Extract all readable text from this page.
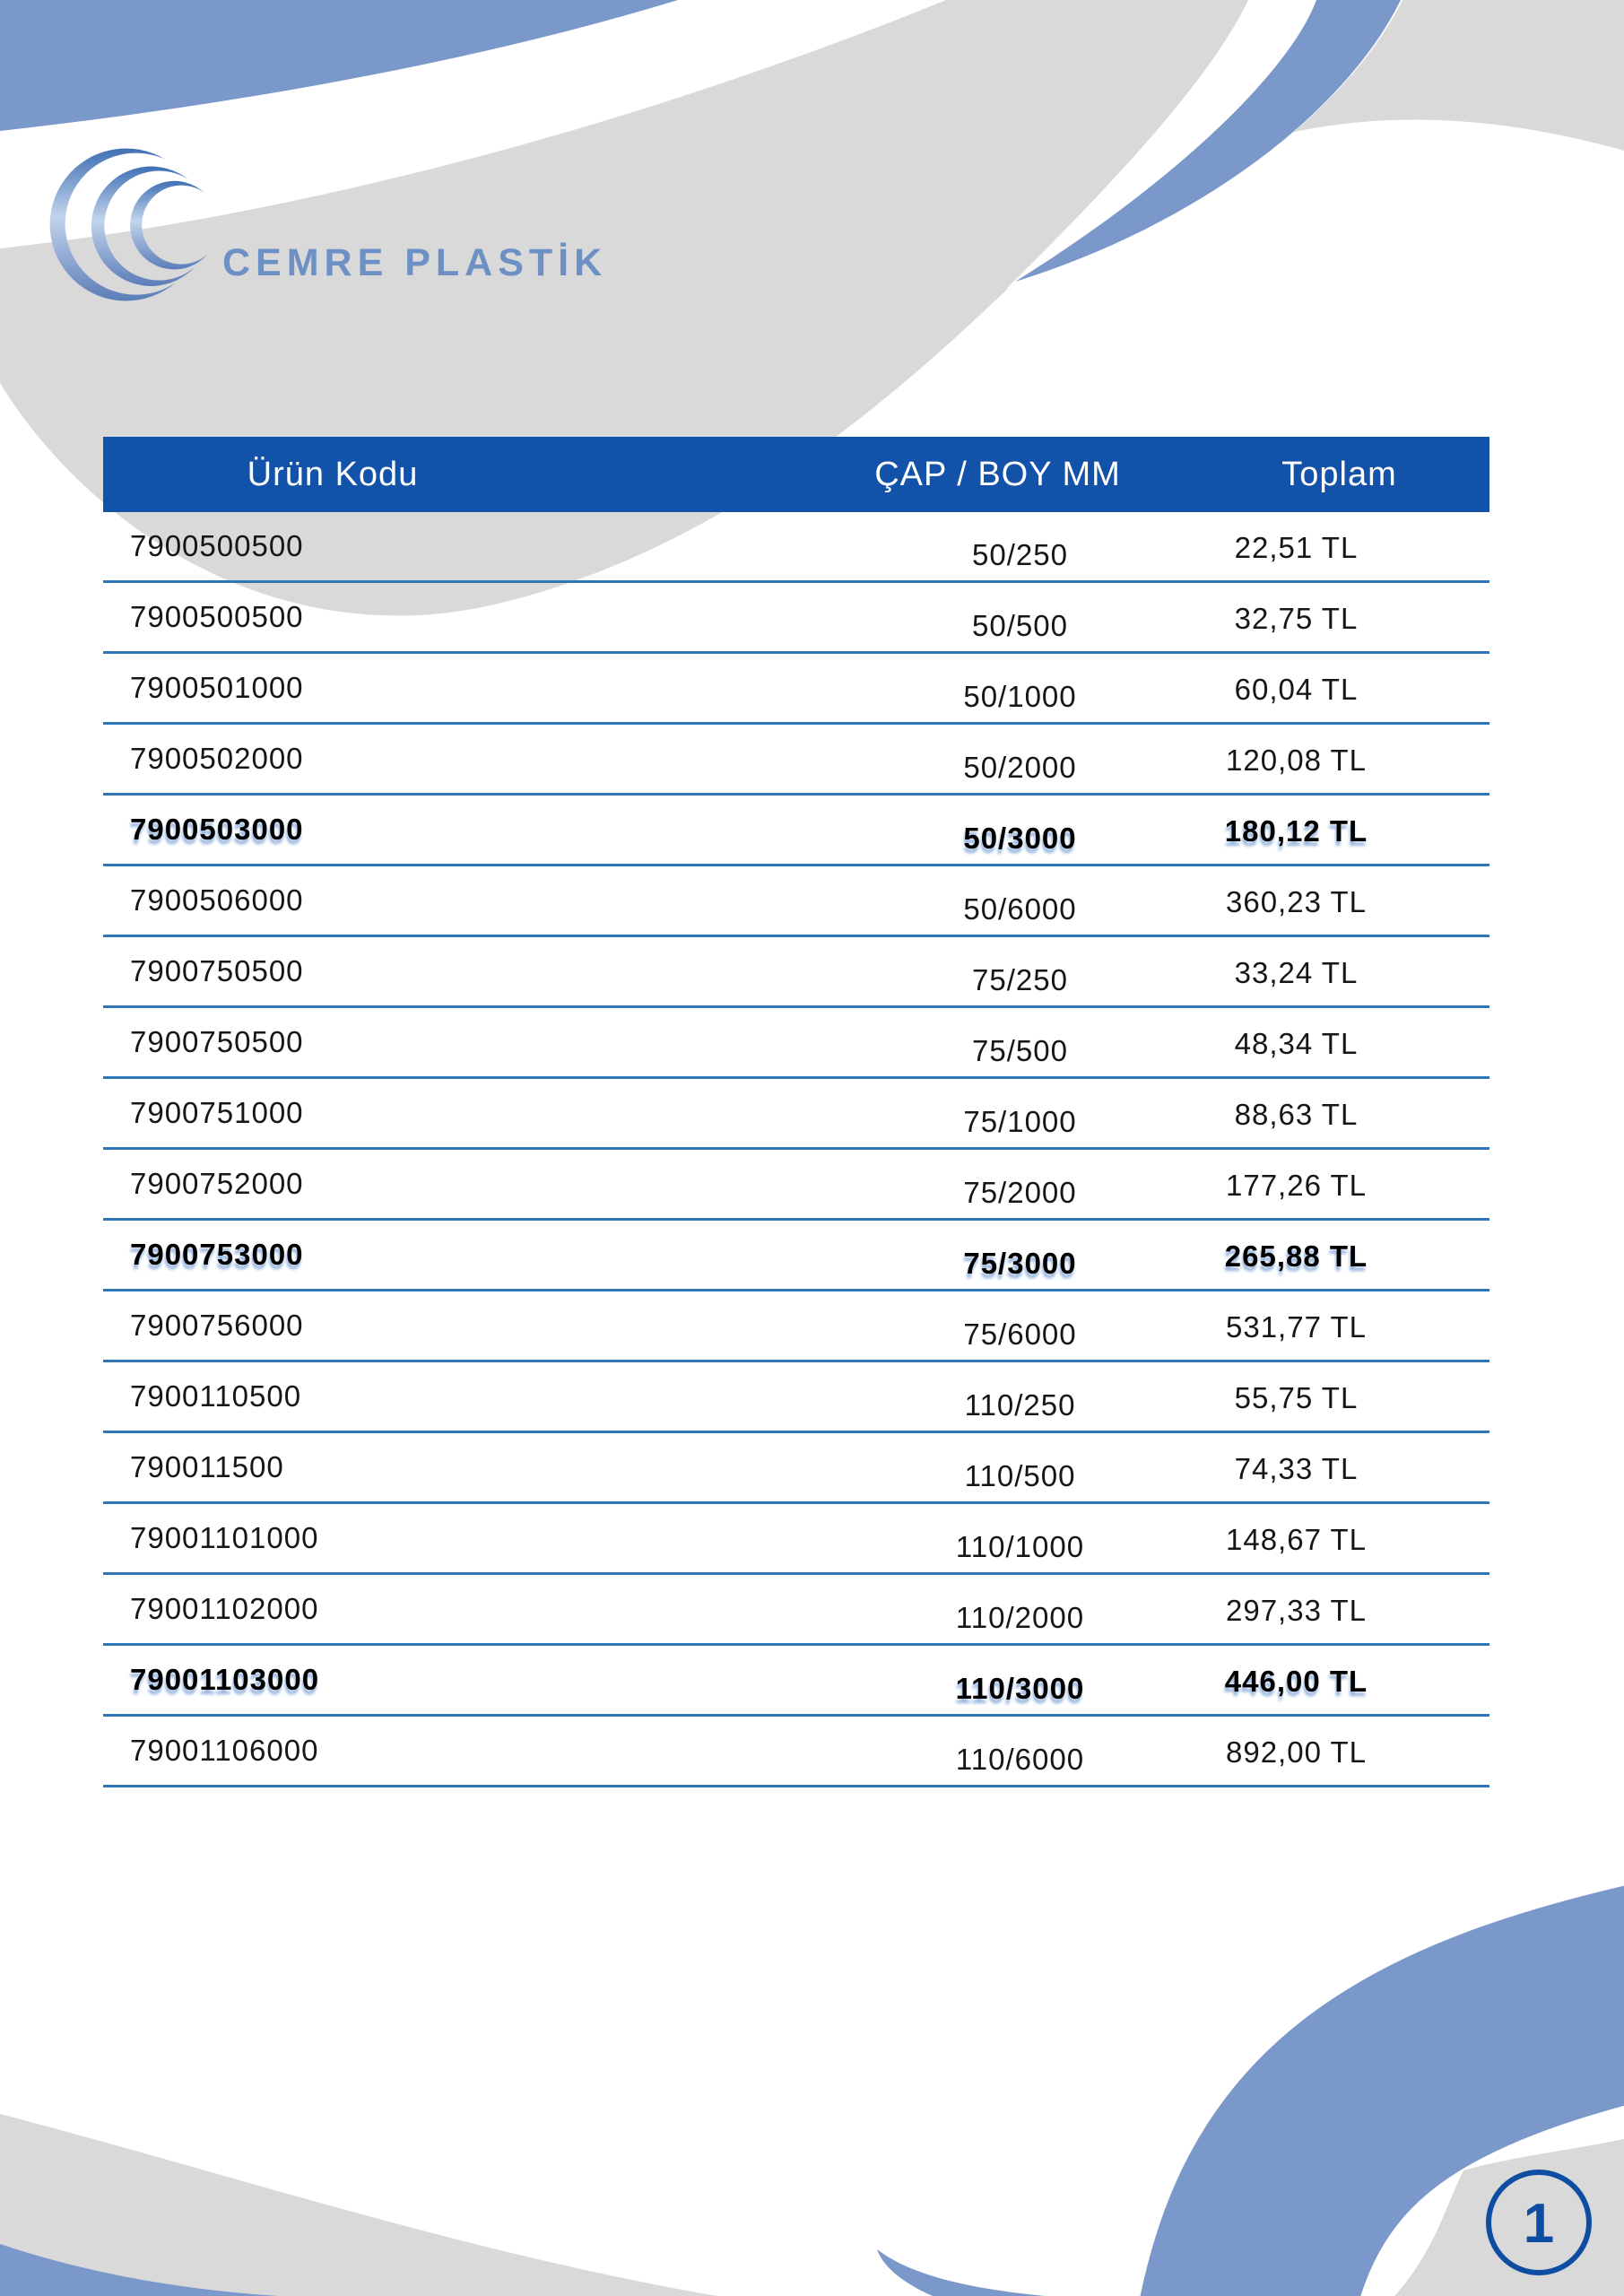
CEMRE PLASTİK
Ürün Kodu	ÇAP / BOY MM	Toplam
7900500500	50/250	22,51 TL
7900500500	50/500	32,75 TL
7900501000	50/1000	60,04 TL
7900502000	50/2000	120,08 TL
7900503000	50/3000	180,12 TL
7900506000	50/6000	360,23 TL
7900750500	75/250	33,24 TL
7900750500	75/500	48,34 TL
7900751000	75/1000	88,63 TL
7900752000	75/2000	177,26 TL
7900753000	75/3000	265,88 TL
7900756000	75/6000	531,77 TL
7900110500	110/250	55,75 TL
790011500	110/500	74,33 TL
79001101000	110/1000	148,67 TL
79001102000	110/2000	297,33 TL
79001103000	110/3000	446,00 TL
79001106000	110/6000	892,00 TL
1
